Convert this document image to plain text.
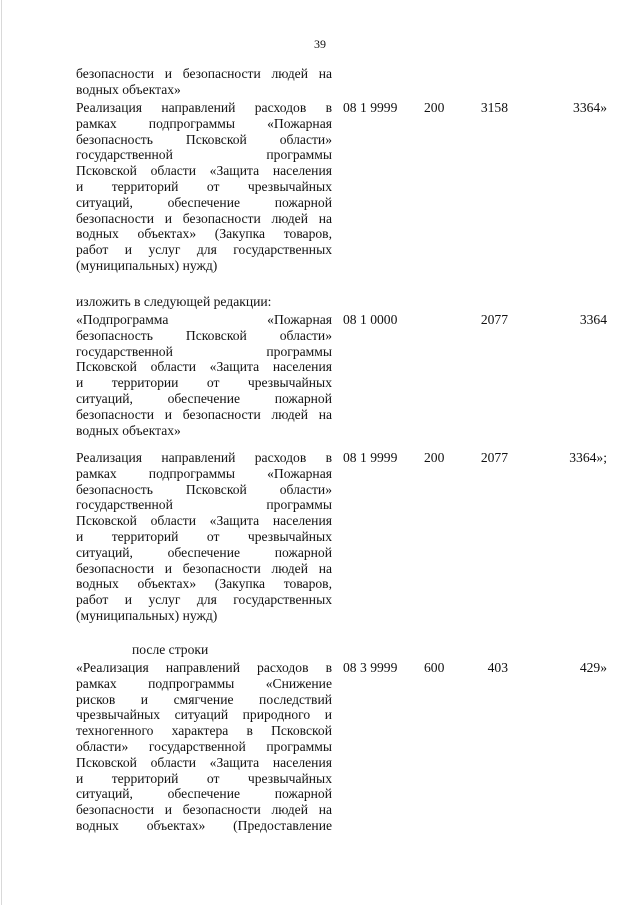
39
безопасности и безопасности людей на
водных объектах»
Реализация направлений расходов в
рамках подпрограммы «Пожарная
безопасность Псковской области»
государственной программы
Псковской области «Защита населения
и территорий от чрезвычайных
ситуаций, обеспечение пожарной
безопасности и безопасности людей на
водных объектах» (Закупка товаров,
работ и услуг для государственных
(муниципальных) нужд)
08 1 9999 200	3158	3364»
изложить в следующей редакции:
«Подпрограмма «Пожарная
безопасность Псковской области»
государственной программы
Псковской области «Защита населения
и территории от чрезвычайных
ситуаций, обеспечение пожарной
безопасности и безопасности людей на
водных объектах»
08 1 0000	2077	3364
Реализация направлений расходов в
рамках подпрограммы «Пожарная
безопасность Псковской области»
государственной программы
Псковской области «Защита населения
и территорий от чрезвычайных
ситуаций, обеспечение пожарной
безопасности и безопасности людей на
водных объектах» (Закупка товаров,
работ и услуг для государственных
(муниципальных) нужд)
08 1 9999 200	2077	3364»;
после строки
«Реализация направлений расходов в
рамках подпрограммы «Снижение
рисков и смягчение последствий
чрезвычайных ситуаций природного и
техногенного характера в Псковской
области» государственной программы
Псковской области «Защита населения
и территорий от чрезвычайных
ситуаций, обеспечение пожарной
безопасности и безопасности людей на
водных объектах» (Предоставление
08 3 9999 600	403	429»
